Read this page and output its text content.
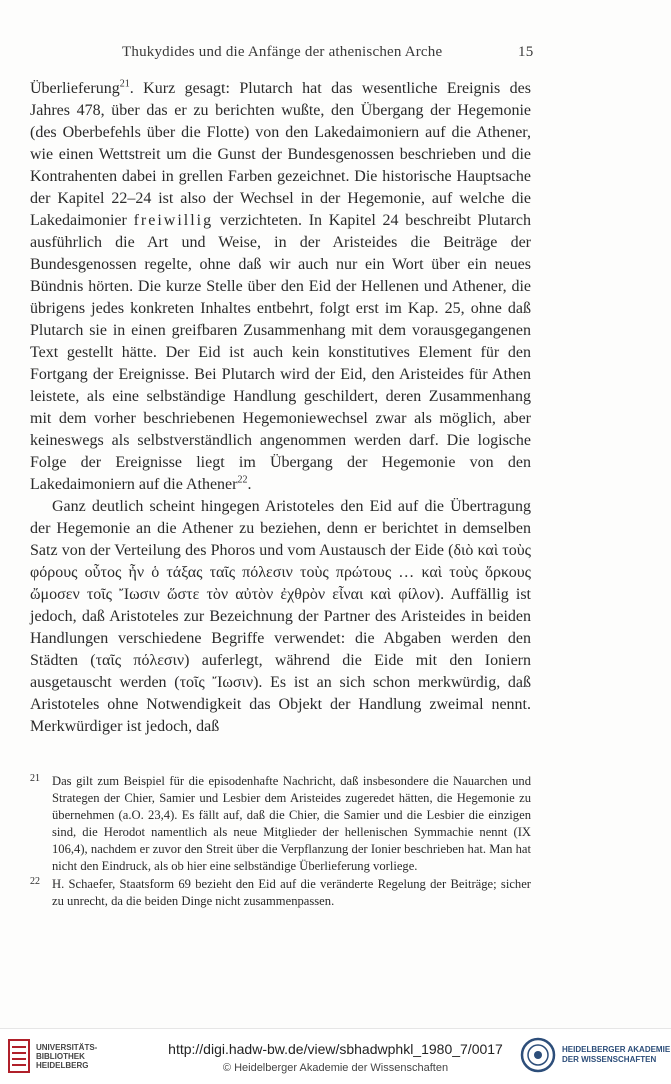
Thukydides und die Anfänge der athenischen Arche	15

Überlieferung$^{21}$. Kurz gesagt: Plutarch hat das wesentliche Ereignis des Jahres 478, über das er zu berichten wußte, den Übergang der Hegemonie (des Oberbefehls über die Flotte) von den Lakedaimoniern auf die Athener, wie einen Wettstreit um die Gunst der Bundesgenossen beschrieben und die Kontrahenten dabei in grellen Farben gezeichnet. Die historische Hauptsache der Kapitel 22–24 ist also der Wechsel in der Hegemonie, auf welche die Lakedaimonier freiwillig verzichteten. In Kapitel 24 beschreibt Plutarch ausführlich die Art und Weise, in der Aristeides die Beiträge der Bundesgenossen regelte, ohne daß wir auch nur ein Wort über ein neues Bündnis hörten. Die kurze Stelle über den Eid der Hellenen und Athener, die übrigens jedes konkreten Inhaltes entbehrt, folgt erst im Kap. 25, ohne daß Plutarch sie in einen greifbaren Zusammenhang mit dem vorausgegangenen Text gestellt hätte. Der Eid ist auch kein konstitutives Element für den Fortgang der Ereignisse. Bei Plutarch wird der Eid, den Aristeides für Athen leistete, als eine selbständige Handlung geschildert, deren Zusammenhang mit dem vorher beschriebenen Hegemoniewechsel zwar als möglich, aber keineswegs als selbstverständlich angenommen werden darf. Die logische Folge der Ereignisse liegt im Übergang der Hegemonie von den Lakedaimoniern auf die Athener$^{22}$.

Ganz deutlich scheint hingegen Aristoteles den Eid auf die Übertragung der Hegemonie an die Athener zu beziehen, denn er berichtet in demselben Satz von der Verteilung des Phoros und vom Austausch der Eide (διὸ καὶ τοὺς φόρους οὗτος ἦν ὁ τάξας ταῖς πόλεσιν τοὺς πρώτους … καὶ τοὺς ὅρκους ὤμοσεν τοῖς Ἴωσιν ὥστε τὸν αὐτὸν ἐχθρὸν εἶναι καὶ φίλον). Auffällig ist jedoch, daß Aristoteles zur Bezeichnung der Partner des Aristeides in beiden Handlungen verschiedene Begriffe verwendet: die Abgaben werden den Städten (ταῖς πόλεσιν) auferlegt, während die Eide mit den Ioniern ausgetauscht werden (τοῖς Ἴωσιν). Es ist an sich schon merkwürdig, daß Aristoteles ohne Notwendigkeit das Objekt der Handlung zweimal nennt. Merkwürdiger ist jedoch, daß

21 Das gilt zum Beispiel für die episodenhafte Nachricht, daß insbesondere die Nauarchen und Strategen der Chier, Samier und Lesbier dem Aristeides zugeredet hätten, die Hegemonie zu übernehmen (a.O. 23,4). Es fällt auf, daß die Chier, die Samier und die Lesbier die einzigen sind, die Herodot namentlich als neue Mitglieder der hellenischen Symmachie nennt (IX 106,4), nachdem er zuvor den Streit über die Verpflanzung der Ionier beschrieben hat. Man hat nicht den Eindruck, als ob hier eine selbständige Überlieferung vorliege.
22 H. Schaefer, Staatsform 69 bezieht den Eid auf die veränderte Regelung der Beiträge; sicher zu unrecht, da die beiden Dinge nicht zusammenpassen.
UNIVERSITÄTS-
BIBLIOTHEK
HEIDELBERG
http://digi.hadw-bw.de/view/sbhadwphkl_1980_7/0017
© Heidelberger Akademie der Wissenschaften
HEIDELBERGER AKADEMIE
DER WISSENSCHAFTEN
